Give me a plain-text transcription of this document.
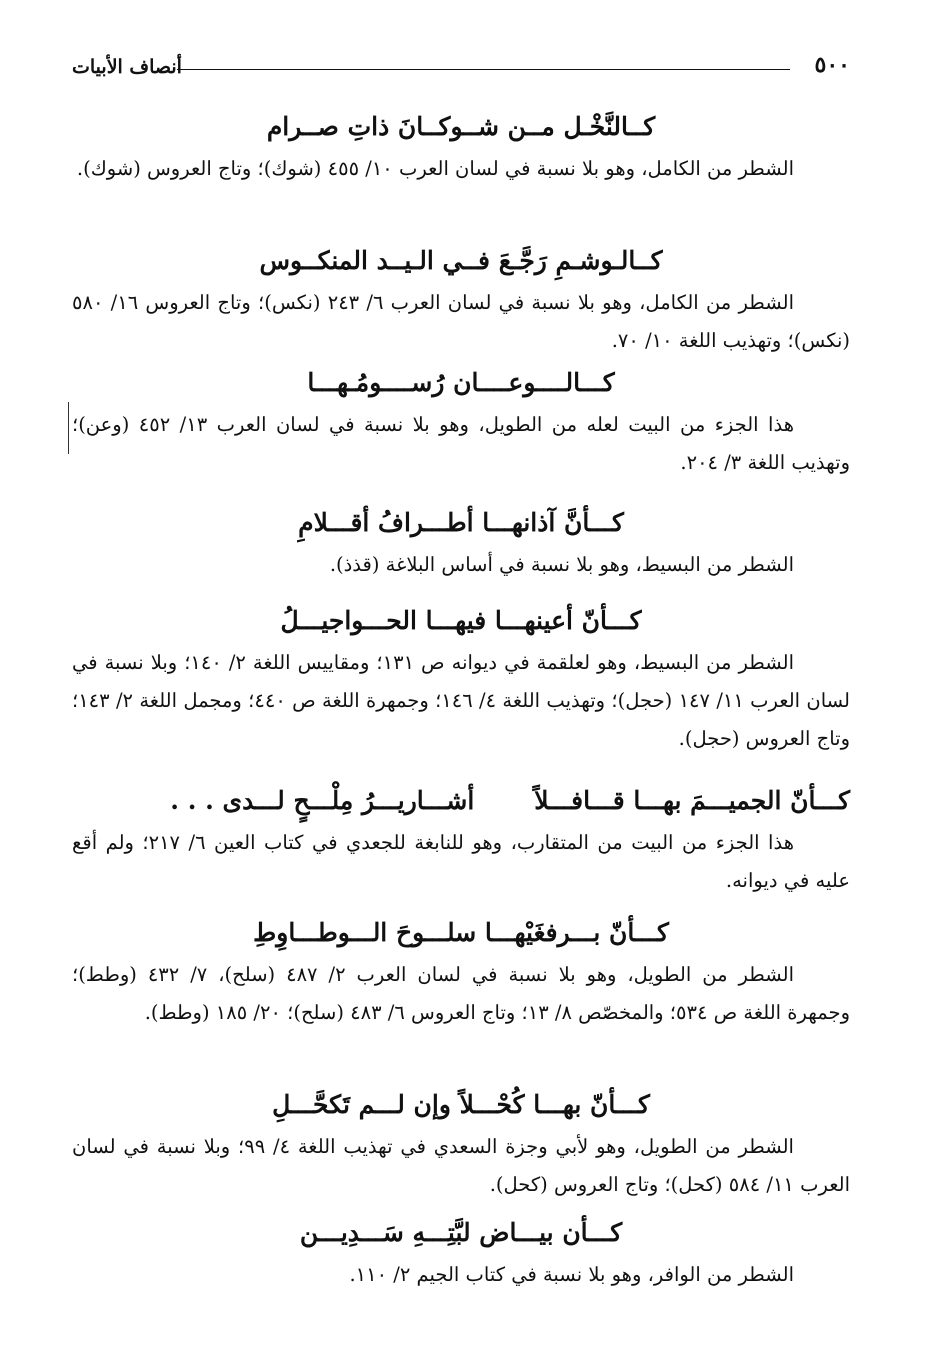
٥٠٠
أنصاف الأبيات
كــالنَّخْـل مــن شــوكــانَ ذاتِ صــرام
الشطر من الكامل، وهو بلا نسبة في لسان العرب ١٠/ ٤٥٥ (شوك)؛ وتاج العروس (شوك).
كــالـوشـمِ رَجَّـعَ فــي الـيــد المنكــوس
الشطر من الكامل، وهو بلا نسبة في لسان العرب ٦/ ٢٤٣ (نكس)؛ وتاج العروس ١٦/ ٥٨٠ (نكس)؛ وتهذيب اللغة ١٠/ ٧٠.
كـــالــــوعــــان رُســــومُـهـــا
هذا الجزء من البيت لعله من الطويل، وهو بلا نسبة في لسان العرب ١٣/ ٤٥٢ (وعن)؛ وتهذيب اللغة ٣/ ٢٠٤.
كـــأنَّ آذانهـــا أطـــرافُ أقـــلامِ
الشطر من البسيط، وهو بلا نسبة في أساس البلاغة (قذذ).
كـــأنّ أعينهـــا فيهـــا الحـــواجيـــلُ
الشطر من البسيط، وهو لعلقمة في ديوانه ص ١٣١؛ ومقاييس اللغة ٢/ ١٤٠؛ وبلا نسبة في لسان العرب ١١/ ١٤٧ (حجل)؛ وتهذيب اللغة ٤/ ١٤٦؛ وجمهرة اللغة ص ٤٤٠؛ ومجمل اللغة ٢/ ١٤٣؛ وتاج العروس (حجل).
كـــأنّ الجميـــمَ بهـــا قـــافـــلاًأشـــاريـــرُ مِلْـــحٍ لـــدى . . .
هذا الجزء من البيت من المتقارب، وهو للنابغة للجعدي في كتاب العين ٦/ ٢١٧؛ ولم أقع عليه في ديوانه.
كـــأنّ بـــرفغَيْهـــا سلـــوحَ الـــوطـــاوِطِ
الشطر من الطويل، وهو بلا نسبة في لسان العرب ٢/ ٤٨٧ (سلح)، ٧/ ٤٣٢ (وطط)؛ وجمهرة اللغة ص ٥٣٤؛ والمخصّص ٨/ ١٣؛ وتاج العروس ٦/ ٤٨٣ (سلح)؛ ٢٠/ ١٨٥ (وطط).
كـــأنّ بهـــا كُحْـــلاً وإن لـــم تَكحَّـــلِ
الشطر من الطويل، وهو لأبي وجزة السعدي في تهذيب اللغة ٤/ ٩٩؛ وبلا نسبة في لسان العرب ١١/ ٥٨٤ (كحل)؛ وتاج العروس (كحل).
كـــأن بيـــاض لبَّتِـــهِ سَـــدِيـــن
الشطر من الوافر، وهو بلا نسبة في كتاب الجيم ٢/ ١١٠.
